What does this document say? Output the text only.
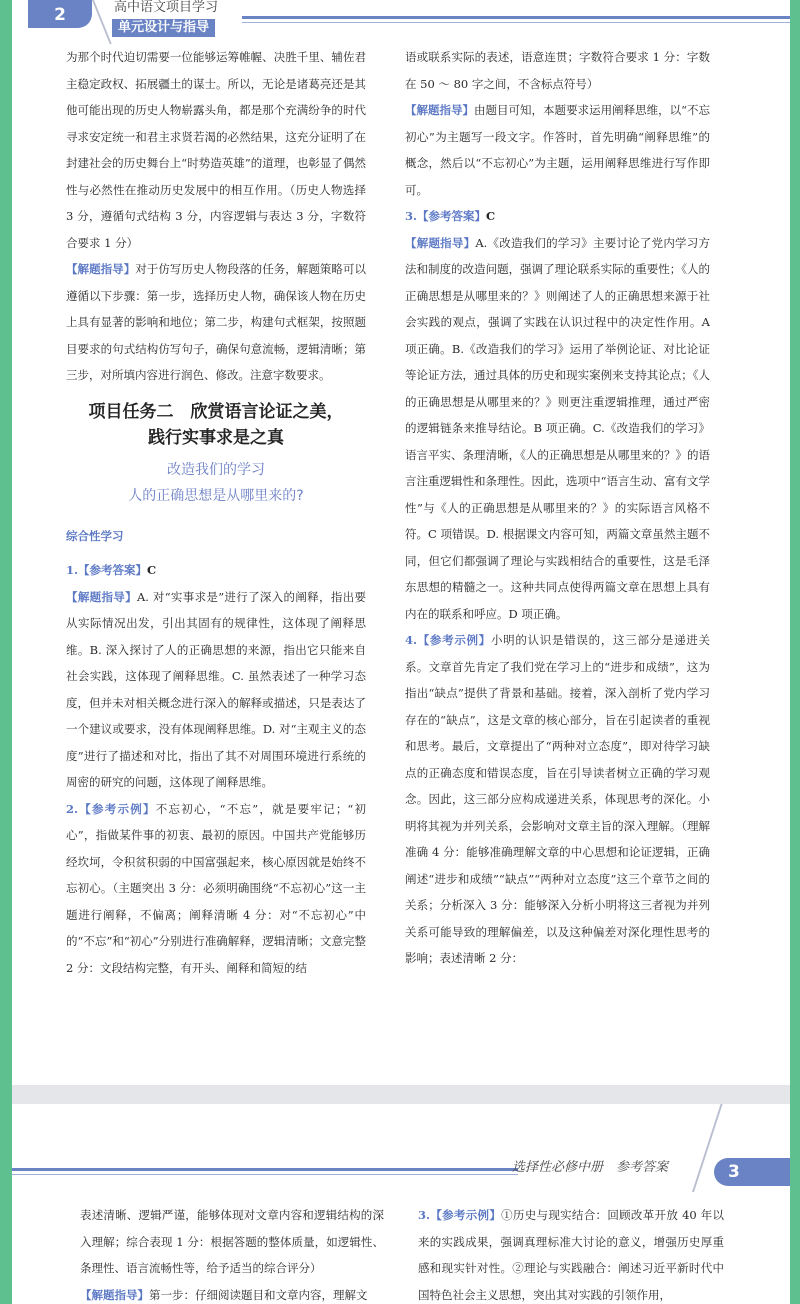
2	高中语文项目学习
单元设计与指导

为那个时代迫切需要一位能够运筹帷幄、决胜千里、辅佐君主稳定政权、拓展疆土的谋士。所以，无论是诸葛亮还是其他可能出现的历史人物崭露头角，都是那个充满纷争的时代寻求安定统一和君主求贤若渴的必然结果，这充分证明了在封建社会的历史舞台上“时势造英雄”的道理，也彰显了偶然性与必然性在推动历史发展中的相互作用。（历史人物选择 3 分，遵循句式结构 3 分，内容逻辑与表达 3 分，字数符合要求 1 分）

【解题指导】对于仿写历史人物段落的任务，解题策略可以遵循以下步骤：第一步，选择历史人物，确保该人物在历史上具有显著的影响和地位；第二步，构建句式框架，按照题目要求的句式结构仿写句子，确保句意流畅，逻辑清晰；第三步，对所填内容进行润色、修改。注意字数要求。

项目任务二　欣赏语言论证之美，
践行实事求是之真
改造我们的学习
人的正确思想是从哪里来的?
综合性学习

1.【参考答案】C

【解题指导】A. 对“实事求是”进行了深入的阐释，指出要从实际情况出发，引出其固有的规律性，这体现了阐释思维。B. 深入探讨了人的正确思想的来源，指出它只能来自社会实践，这体现了阐释思维。C. 虽然表述了一种学习态度，但并未对相关概念进行深入的解释或描述，只是表达了一个建议或要求，没有体现阐释思维。D. 对“主观主义的态度”进行了描述和对比，指出了其不对周围环境进行系统的周密的研究的问题，这体现了阐释思维。

2.【参考示例】不忘初心，“不忘”，就是要牢记；“初心”，指做某件事的初衷、最初的原因。中国共产党能够历经坎坷，令积贫积弱的中国富强起来，核心原因就是始终不忘初心。（主题突出 3 分：必须明确围绕“不忘初心”这一主题进行阐释，不偏离；阐释清晰 4 分：对“不忘初心”中的“不忘”和“初心”分别进行准确解释，逻辑清晰；文意完整 2 分：文段结构完整，有开头、阐释和简短的结

语或联系实际的表述，语意连贯；字数符合要求 1 分：字数在 50 ～ 80 字之间，不含标点符号）

【解题指导】由题目可知，本题要求运用阐释思维，以“不忘初心”为主题写一段文字。作答时，首先明确“阐释思维”的概念，然后以“不忘初心”为主题，运用阐释思维进行写作即可。

3.【参考答案】C

【解题指导】A.《改造我们的学习》主要讨论了党内学习方法和制度的改造问题，强调了理论联系实际的重要性；《人的正确思想是从哪里来的？》则阐述了人的正确思想来源于社会实践的观点，强调了实践在认识过程中的决定性作用。A 项正确。B.《改造我们的学习》运用了举例论证、对比论证等论证方法，通过具体的历史和现实案例来支持其论点；《人的正确思想是从哪里来的？》则更注重逻辑推理，通过严密的逻辑链条来推导结论。B 项正确。C.《改造我们的学习》语言平实、条理清晰，《人的正确思想是从哪里来的？》的语言注重逻辑性和条理性。因此，选项中“语言生动、富有文学性”与《人的正确思想是从哪里来的？》的实际语言风格不符。C 项错误。D. 根据课文内容可知，两篇文章虽然主题不同，但它们都强调了理论与实践相结合的重要性，这是毛泽东思想的精髓之一。这种共同点使得两篇文章在思想上具有内在的联系和呼应。D 项正确。

4.【参考示例】小明的认识是错误的，这三部分是递进关系。文章首先肯定了我们党在学习上的“进步和成绩”，这为指出“缺点”提供了背景和基础。接着，深入剖析了党内学习存在的“缺点”，这是文章的核心部分，旨在引起读者的重视和思考。最后，文章提出了“两种对立态度”，即对待学习缺点的正确态度和错误态度，旨在引导读者树立正确的学习观念。因此，这三部分应构成递进关系，体现思考的深化。小明将其视为并列关系，会影响对文章主旨的深入理解。（理解准确 4 分：能够准确理解文章的中心思想和论证逻辑，正确阐述“进步和成绩”“缺点”“两种对立态度”这三个章节之间的关系；分析深入 3 分：能够深入分析小明将这三者视为并列关系可能导致的理解偏差，以及这种偏差对深化理性思考的影响；表述清晰 2 分：

选择性必修中册　参考答案	3

表述清晰、逻辑严谨，能够体现对文章内容和逻辑结构的深入理解；综合表现 1 分：根据答题的整体质量，如逻辑性、条理性、语言流畅性等，给予适当的综合评分）

【解题指导】第一步：仔细阅读题目和文章内容，理解文

3.【参考示例】①历史与现实结合：回顾改革开放 40 年以来的实践成果，强调真理标准大讨论的意义，增强历史厚重感和现实针对性。②理论与实践融合：阐述习近平新时代中国特色社会主义思想，突出其对实践的引领作用，
